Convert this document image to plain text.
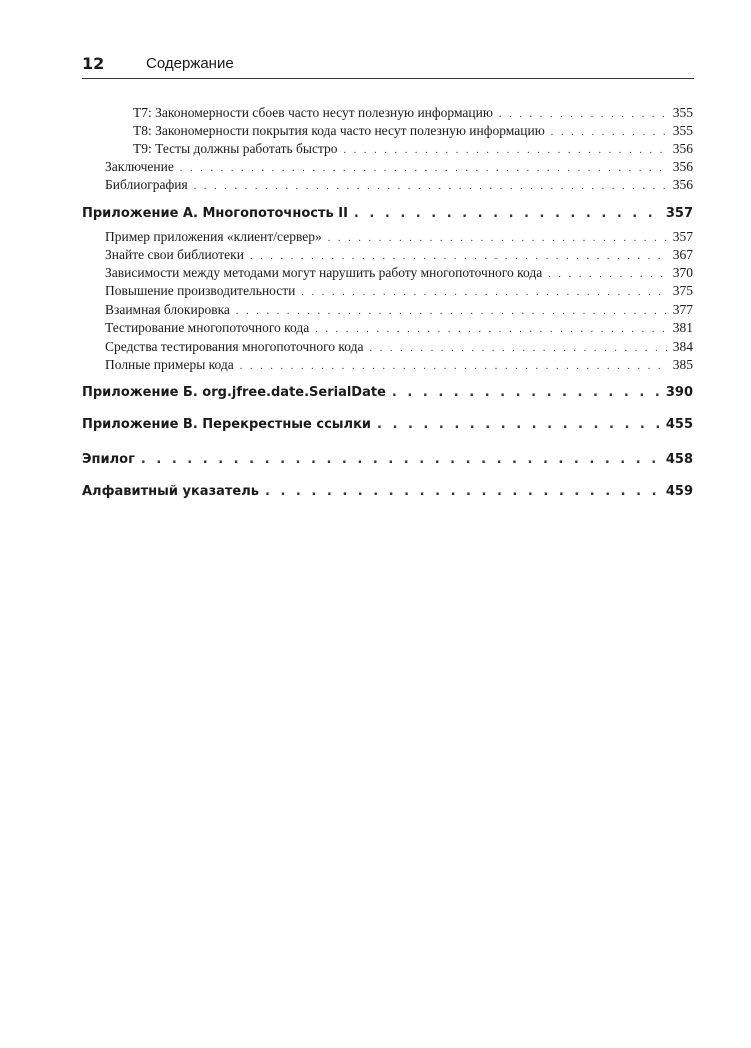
12	Содержание
T7: Закономерности сбоев часто несут полезную информацию . . .	355
T8: Закономерности покрытия кода часто несут полезную информацию . . .	355
T9: Тесты должны работать быстро . . .	356
Заключение . . .	356
Библиография . . .	356
Приложение А. Многопоточность II . . .	357
Пример приложения «клиент/сервер» . . .	357
Знайте свои библиотеки . . .	367
Зависимости между методами могут нарушить работу многопоточного кода . . .	370
Повышение производительности . . .	375
Взаимная блокировка . . .	377
Тестирование многопоточного кода . . .	381
Средства тестирования многопоточного кода . . .	384
Полные примеры кода . . .	385
Приложение Б. org.jfree.date.SerialDate . . .	390
Приложение В. Перекрестные ссылки . . .	455
Эпилог . . .	458
Алфавитный указатель . . .	459
